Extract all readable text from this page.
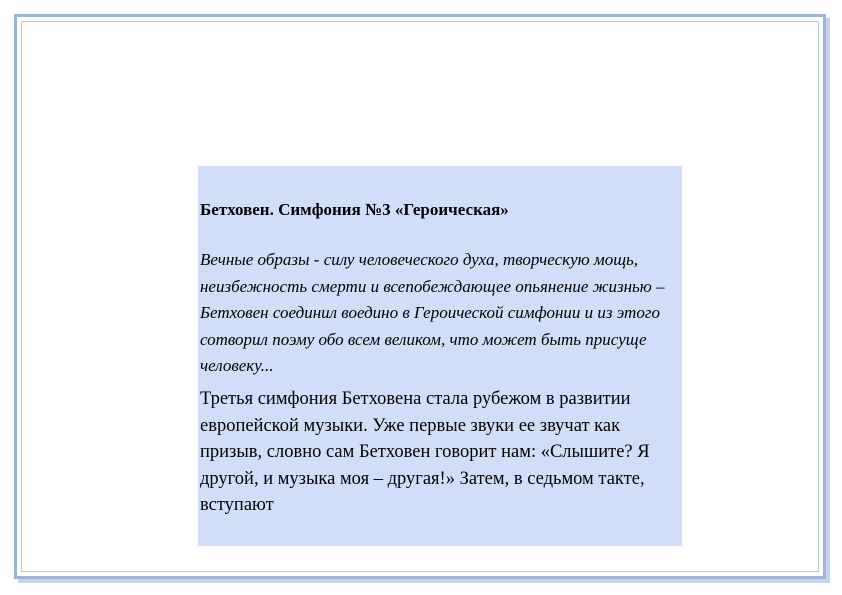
Бетховен. Симфония №3 «Героическая»

Вечные образы - силу человеческого духа, творческую мощь, неизбежность смерти и всепобеждающее опьянение жизнью – Бетховен соединил воедино в Героической симфонии и из этого сотворил поэму обо всем великом, что может быть присуще человеку...

Третья симфония Бетховена стала рубежом в развитии европейской музыки. Уже первые звуки ее звучат как призыв, словно сам Бетховен говорит нам: «Слышите? Я другой, и музыка моя – другая!» Затем, в седьмом такте, вступают
